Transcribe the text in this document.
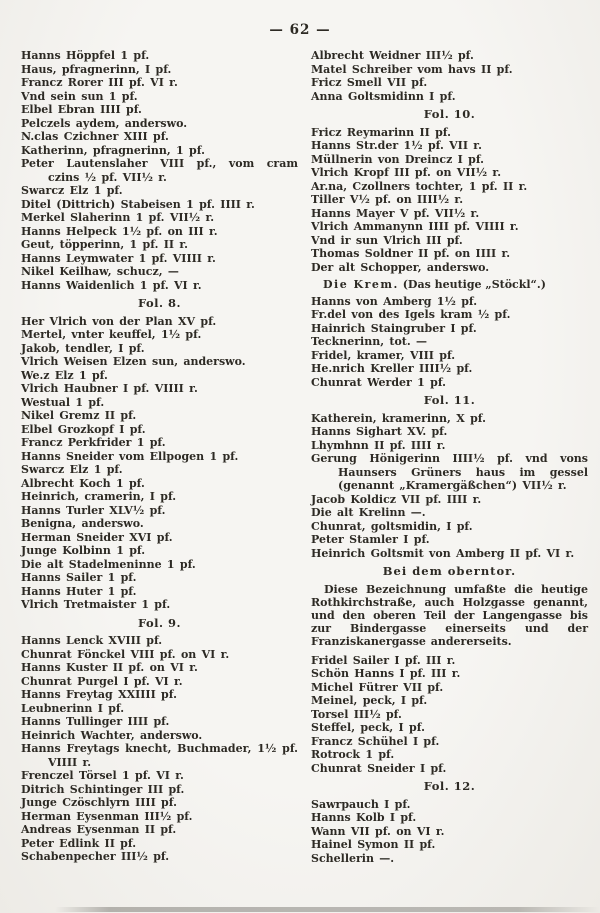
— 62 —
Hanns Höppfel 1 pf.
Haus, pfragnerinn, I pf.
Francz Rorer III pf. VI r.
Vnd sein sun 1 pf.
Elbel Ebran IIII pf.
Pelczels aydem, anderswo.
N.clas Czichner XIII pf.
Katherinn, pfragnerinn, 1 pf.
Peter Lautenslaher VIII pf., vom cram czins ½ pf. VII½ r.
Swarcz Elz 1 pf.
Ditel (Dittrich) Stabeisen 1 pf. IIII r.
Merkel Slaherinn 1 pf. VII½ r.
Hanns Helpeck 1½ pf. on III r.
Geut, töpperinn, 1 pf. II r.
Hanns Leymwater 1 pf. VIIII r.
Nikel Keilhaw, schucz, —
Hanns Waidenlich 1 pf. VI r.
Fol. 8.
Her Vlrich von der Plan XV pf.
Mertel, vnter keuffel, 1½ pf.
Jakob, tendler, I pf.
Vlrich Weisen Elzen sun, anderswo.
We.z Elz 1 pf.
Vlrich Haubner I pf. VIIII r.
Westual 1 pf.
Nikel Gremz II pf.
Elbel Grozkopf I pf.
Francz Perkfrider 1 pf.
Hanns Sneider vom Ellpogen 1 pf.
Swarcz Elz 1 pf.
Albrecht Koch 1 pf.
Heinrich, cramerin, I pf.
Hanns Turler XLV½ pf.
Benigna, anderswo.
Herman Sneider XVI pf.
Junge Kolbinn 1 pf.
Die alt Stadelmeninne 1 pf.
Hanns Sailer 1 pf.
Hanns Huter 1 pf.
Vlrich Tretmaister 1 pf.
Fol. 9.
Hanns Lenck XVIII pf.
Chunrat Fönckel VIII pf. on VI r.
Hanns Kuster II pf. on VI r.
Chunrat Purgel I pf. VI r.
Hanns Freytag XXIIII pf.
Leubnerinn I pf.
Hanns Tullinger IIII pf.
Heinrich Wachter, anderswo.
Hanns Freytags knecht, Buchmader, 1½ pf. VIIII r.
Frenczel Törsel 1 pf. VI r.
Ditrich Schintinger III pf.
Junge Czöschlyrn IIII pf.
Herman Eysenman III½ pf.
Andreas Eysenman II pf.
Peter Edlink II pf.
Schabenpecher III½ pf.
Albrecht Weidner III½ pf.
Matel Schreiber vom havs II pf.
Fricz Smell VII pf.
Anna Goltsmidinn I pf.
Fol. 10.
Fricz Reymarinn II pf.
Hanns Str.der 1½ pf. VII r.
Müllnerin von Dreincz I pf.
Vlrich Kropf III pf. on VII½ r.
Ar.na, Czollners tochter, 1 pf. II r.
Tiller V½ pf. on IIII½ r.
Hanns Mayer V pf. VII½ r.
Vlrich Ammanynn IIII pf. VIIII r.
Vnd ir sun Vlrich III pf.
Thomas Soldner II pf. on IIII r.
Der alt Schopper, anderswo.
Die Krem. (Das heutige „Stöckl“.)
Hanns von Amberg 1½ pf.
Fr.del von des Igels kram ½ pf.
Hainrich Staingruber I pf.
Tecknerinn, tot. —
Fridel, kramer, VIII pf.
He.nrich Kreller IIII½ pf.
Chunrat Werder 1 pf.
Fol. 11.
Katherein, kramerinn, X pf.
Hanns Sighart XV. pf.
Lhymhnn II pf. IIII r.
Gerung Hönigerinn IIII½ pf. vnd vons Haunsers Grüners haus im gessel (genannt „Kramergäßchen“) VII½ r.
Jacob Koldicz VII pf. IIII r.
Die alt Krelinn —.
Chunrat, goltsmidin, I pf.
Peter Stamler I pf.
Heinrich Goltsmit von Amberg II pf. VI r.
Bei dem oberntor.
Diese Bezeichnung umfaßte die heutige Rothkirchstraße, auch Holzgasse genannt, und den oberen Teil der Langengasse bis zur Bindergasse einerseits und der Franziskanergasse andererseits.
Fridel Sailer I pf. III r.
Schön Hanns I pf. III r.
Michel Fütrer VII pf.
Meinel, peck, I pf.
Torsel III½ pf.
Steffel, peck, I pf.
Francz Schühel I pf.
Rotrock 1 pf.
Chunrat Sneider I pf.
Fol. 12.
Sawrpauch I pf.
Hanns Kolb I pf.
Wann VII pf. on VI r.
Hainel Symon II pf.
Schellerin —.
